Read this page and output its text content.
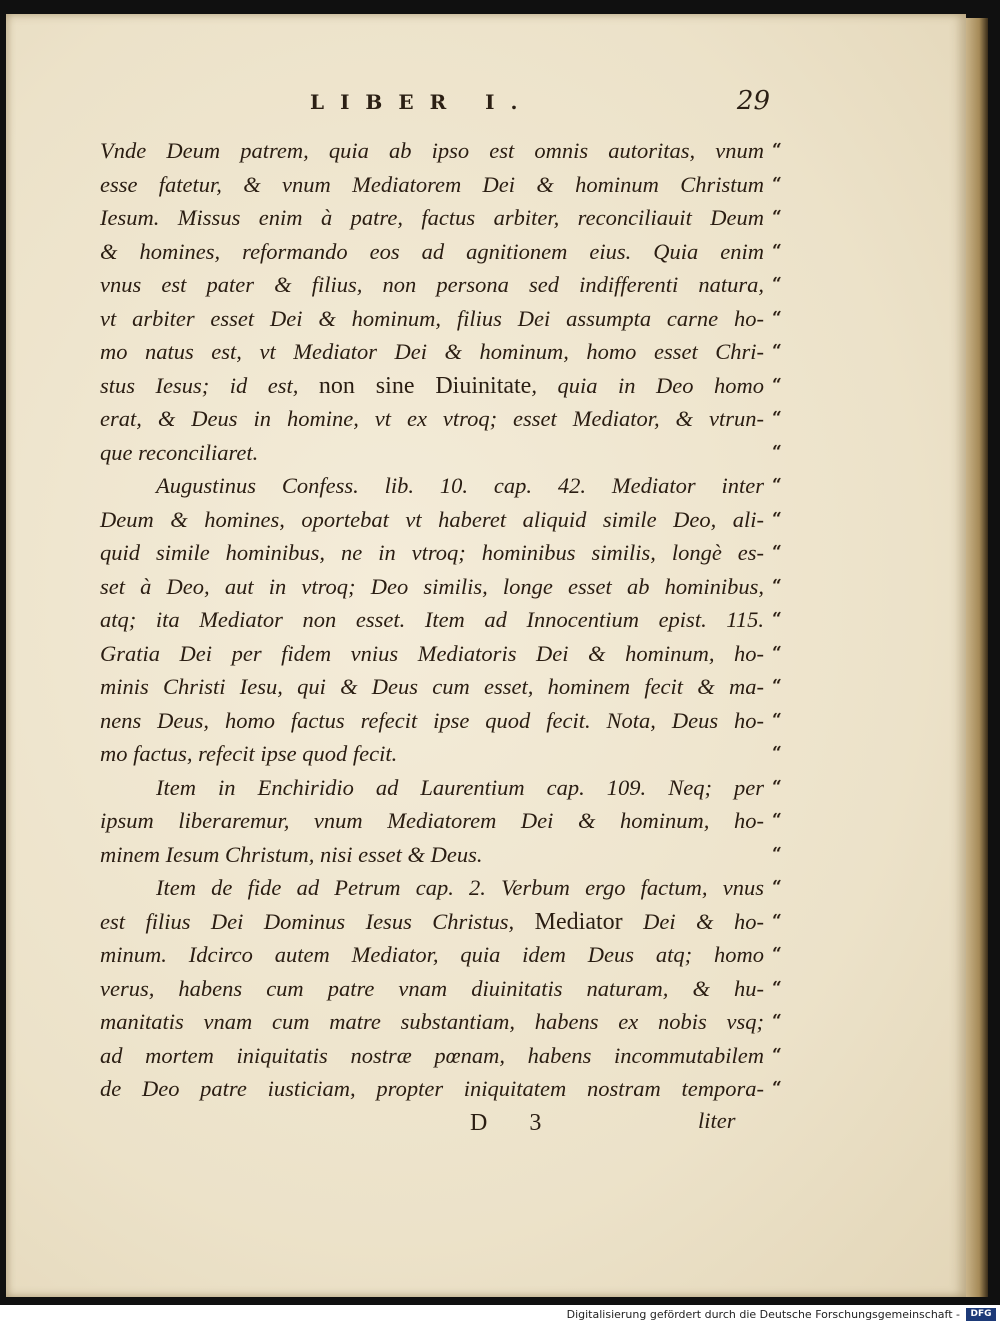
LIBER I.	29
Vnde Deum patrem, quia ab ipso est omnis autoritas, vnum
esse fatetur, & vnum Mediatorem Dei & hominum Christum
Iesum. Missus enim à patre, factus arbiter, reconciliauit Deum
& homines, reformando eos ad agnitionem eius. Quia enim
vnus est pater & filius, non persona sed indifferenti natura,
vt arbiter esset Dei & hominum, filius Dei assumpta carne ho-
mo natus est, vt Mediator Dei & hominum, homo esset Chri-
stus Iesus; id est, non sine Diuinitate, quia in Deo homo
erat, & Deus in homine, vt ex vtroq; esset Mediator, & vtrun-
que reconciliaret.
Augustinus Confess. lib. 10. cap. 42. Mediator inter
Deum & homines, oportebat vt haberet aliquid simile Deo, ali-
quid simile hominibus, ne in vtroq; hominibus similis, longè es-
set à Deo, aut in vtroq; Deo similis, longe esset ab hominibus,
atq; ita Mediator non esset. Item ad Innocentium epist. 115.
Gratia Dei per fidem vnius Mediatoris Dei & hominum, ho-
minis Christi Iesu, qui & Deus cum esset, hominem fecit & ma-
nens Deus, homo factus refecit ipse quod fecit. Nota, Deus ho-
mo factus, refecit ipse quod fecit.
Item in Enchiridio ad Laurentium cap. 109. Neq; per
ipsum liberaremur, vnum Mediatorem Dei & hominum, ho-
minem Iesum Christum, nisi esset & Deus.
Item de fide ad Petrum cap. 2. Verbum ergo factum, vnus
est filius Dei Dominus Iesus Christus, Mediator Dei & ho-
minum. Idcirco autem Mediator, quia idem Deus atq; homo
verus, habens cum patre vnam diuinitatis naturam, & hu-
manitatis vnam cum matre substantiam, habens ex nobis vsq;
ad mortem iniquitatis nostræ pœnam, habens incommutabilem
de Deo patre iusticiam, propter iniquitatem nostram tempora-
“
“
“
“
“
“
“
“
“
“
“
“
“
“
“
“
“
“
“
“
“
“
“
“
“
“
“
“
“
D 3	liter
Digitalisierung gefördert durch die Deutsche Forschungsgemeinschaft -	DFG
